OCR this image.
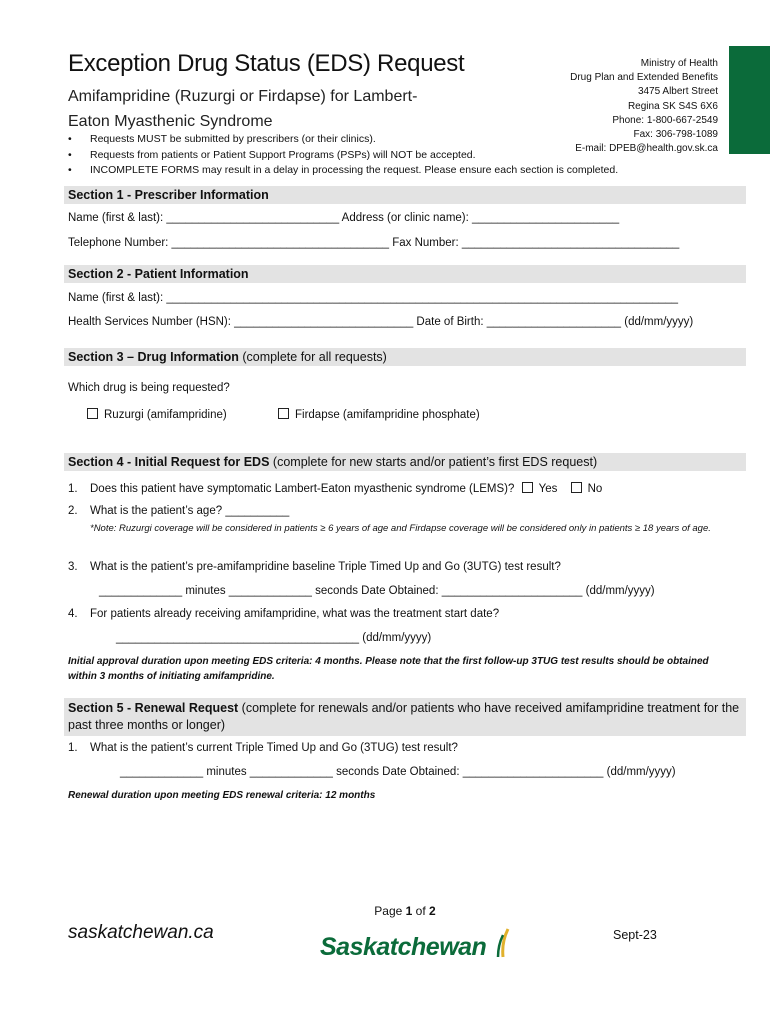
Exception Drug Status (EDS) Request
Amifampridine (Ruzurgi or Firdapse) for Lambert-
Eaton Myasthenic Syndrome
Ministry of Health
Drug Plan and Extended Benefits
3475 Albert Street
Regina SK S4S 6X6
Phone: 1-800-667-2549
Fax: 306-798-1089
E-mail: DPEB@health.gov.sk.ca
• Requests MUST be submitted by prescribers (or their clinics).
• Requests from patients or Patient Support Programs (PSPs) will NOT be accepted.
• INCOMPLETE FORMS may result in a delay in processing the request. Please ensure each section is completed.
Section 1 - Prescriber Information
Name (first & last): ___________________________ Address (or clinic name): _______________________
Telephone Number: __________________________________ Fax Number: __________________________________
Section 2 - Patient Information
Name (first & last): ________________________________________________________________________________
Health Services Number (HSN): ____________________________ Date of Birth: _____________________ (dd/mm/yyyy)
Section 3 – Drug Information (complete for all requests)
Which drug is being requested?
Ruzurgi (amifampridine)	Firdapse (amifampridine phosphate)
Section 4 - Initial Request for EDS (complete for new starts and/or patient’s first EDS request)
1. Does this patient have symptomatic Lambert-Eaton myasthenic syndrome (LEMS)? Yes	No
2. What is the patient’s age? __________
*Note: Ruzurgi coverage will be considered in patients ≥ 6 years of age and Firdapse coverage will be considered only in patients ≥ 18 years of age.
3. What is the patient’s pre-amifampridine baseline Triple Timed Up and Go (3UTG) test result?
_____________ minutes _____________ seconds Date Obtained: ______________________ (dd/mm/yyyy)
4. For patients already receiving amifampridine, what was the treatment start date?
______________________________________ (dd/mm/yyyy)
Initial approval duration upon meeting EDS criteria: 4 months. Please note that the first follow-up 3TUG test results should be obtained within 3 months of initiating amifampridine.
Section 5 - Renewal Request (complete for renewals and/or patients who have received amifampridine treatment for the past three months or longer)
1. What is the patient’s current Triple Timed Up and Go (3TUG) test result?
_____________ minutes _____________ seconds Date Obtained: ______________________ (dd/mm/yyyy)
Renewal duration upon meeting EDS renewal criteria: 12 months
Page 1 of 2
saskatchewan.ca
Saskatchewan	Sept-23
